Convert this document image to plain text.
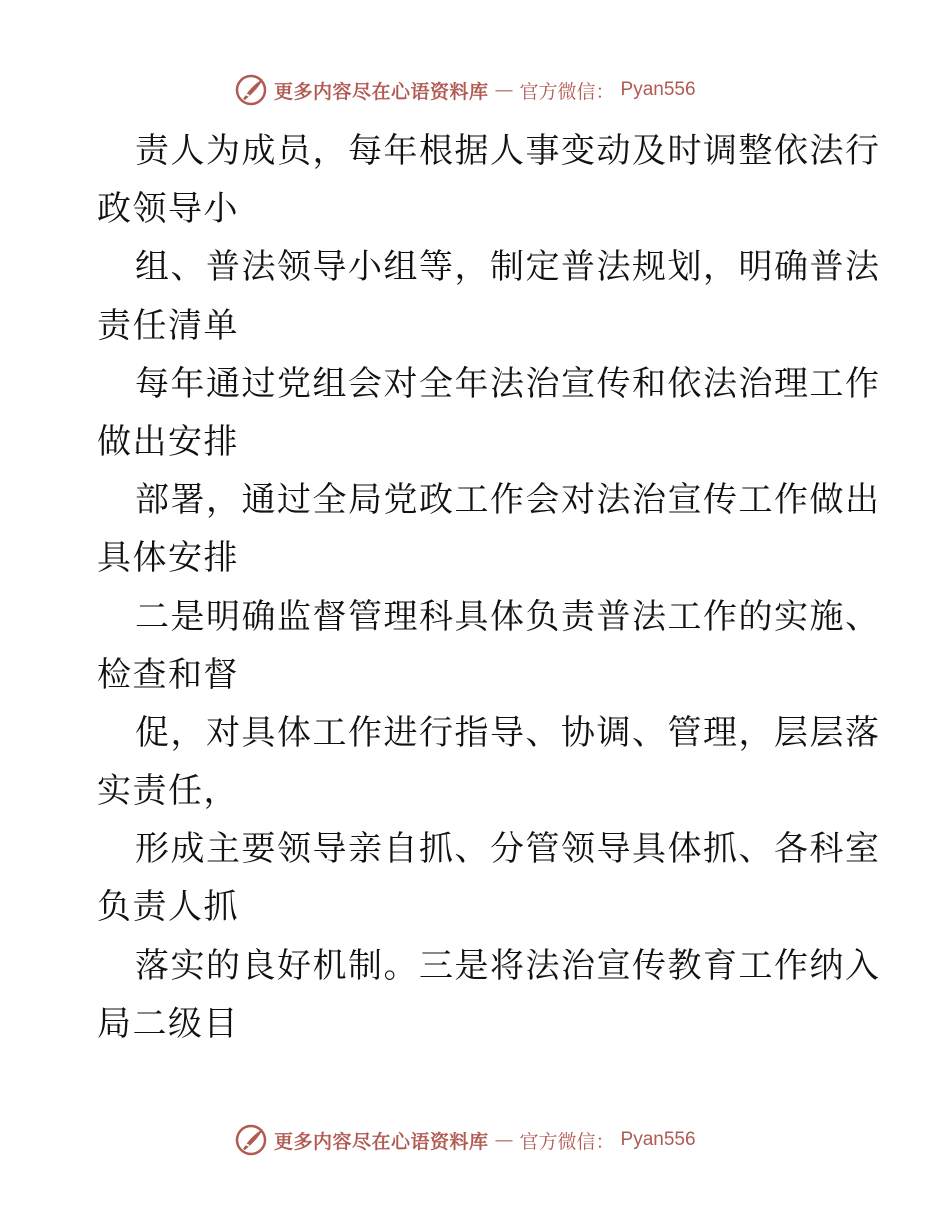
更多内容尽在心语资料库 — 官方微信： Pyan556
责人为成员，每年根据人事变动及时调整依法行
政领导小
组、普法领导小组等，制定普法规划，明确普法
责任清单
每年通过党组会对全年法治宣传和依法治理工作
做出安排
部署，通过全局党政工作会对法治宣传工作做出
具体安排
二是明确监督管理科具体负责普法工作的实施、
检查和督
促，对具体工作进行指导、协调、管理，层层落
实责任，
形成主要领导亲自抓、分管领导具体抓、各科室
负责人抓
落实的良好机制。三是将法治宣传教育工作纳入
局二级目
更多内容尽在心语资料库 — 官方微信： Pyan556
